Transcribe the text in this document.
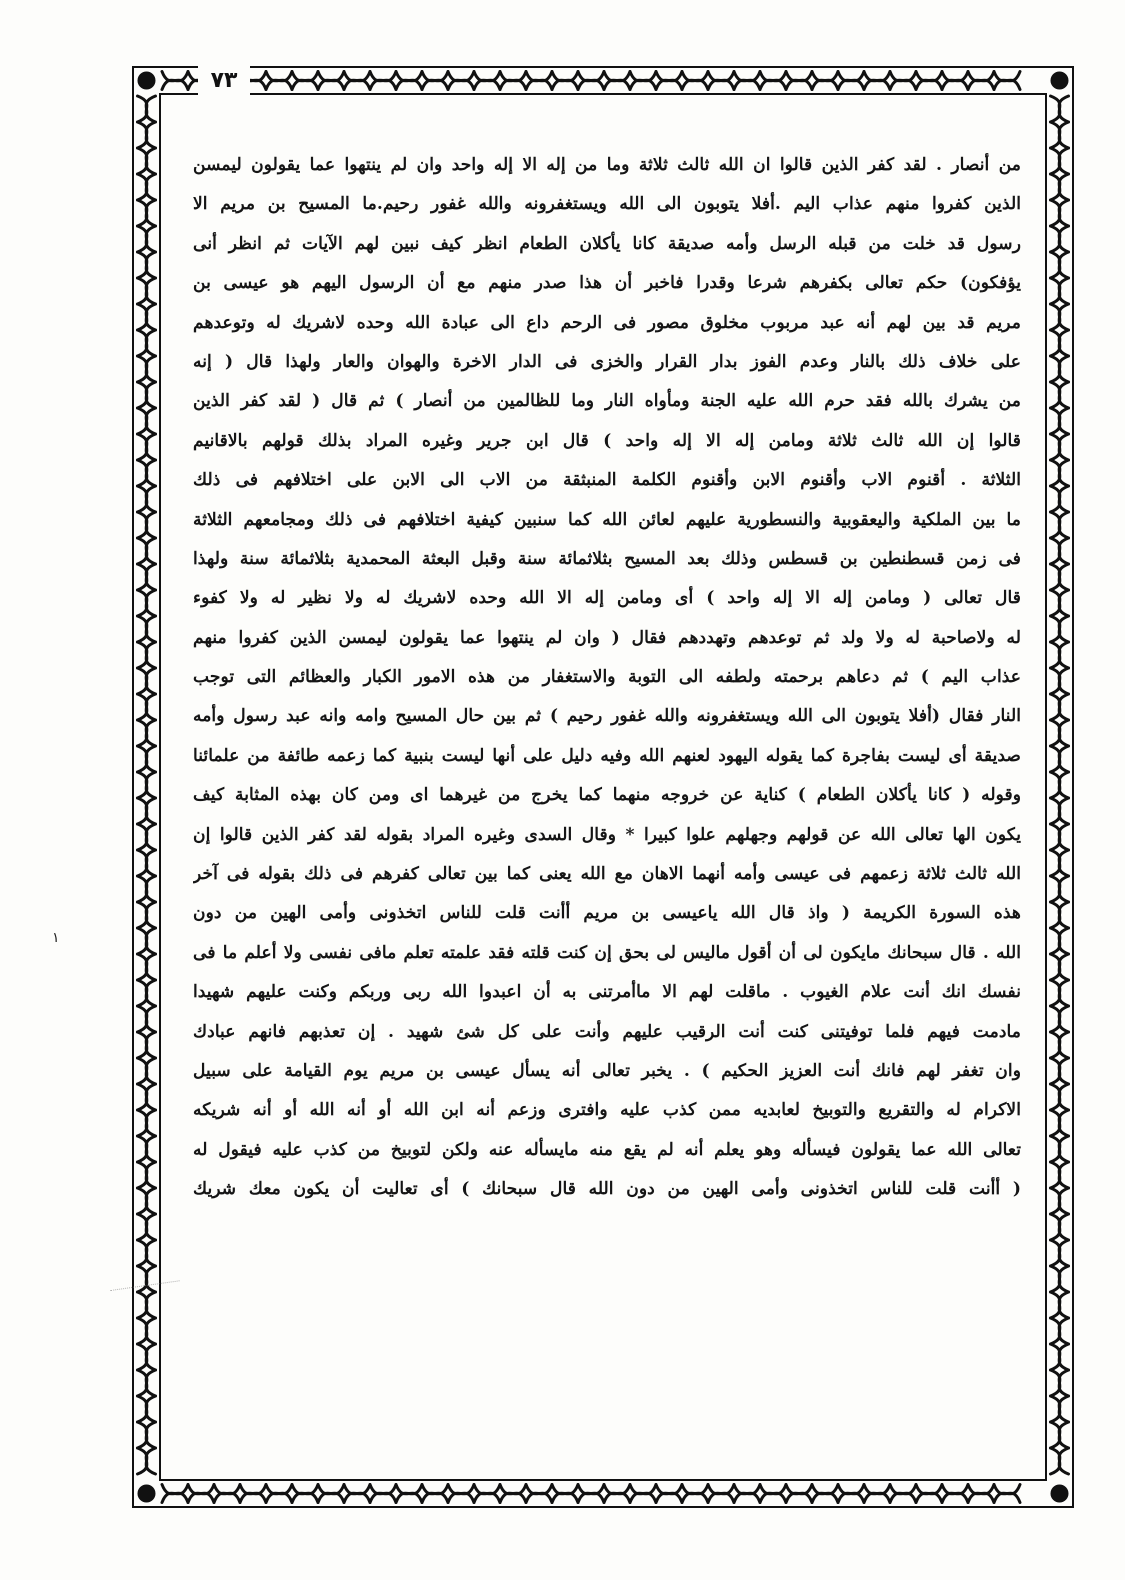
٧٣
من أنصار . لقد كفر الذين قالوا ان الله ثالث ثلاثة وما من إله الا إله واحد وان لم ينتهوا عما يقولون ليمسن
الذين كفروا منهم عذاب اليم .أفلا يتوبون الى الله ويستغفرونه والله غفور رحيم.ما المسيح بن مريم الا
رسول قد خلت من قبله الرسل وأمه صديقة كانا يأكلان الطعام انظر كيف نبين لهم الآيات ثم انظر أنى
يؤفكون) حكم تعالى بكفرهم شرعا وقدرا فاخبر أن هذا صدر منهم مع أن الرسول اليهم هو عيسى بن
مريم قد بين لهم أنه عبد مربوب مخلوق مصور فى الرحم داع الى عبادة الله وحده لاشريك له وتوعدهم
على خلاف ذلك بالنار وعدم الفوز بدار القرار والخزى فى الدار الاخرة والهوان والعار ولهذا قال ( إنه
من يشرك بالله فقد حرم الله عليه الجنة ومأواه النار وما للظالمين من أنصار ) ثم قال ( لقد كفر الذين
قالوا إن الله ثالث ثلاثة ومامن إله الا إله واحد ) قال ابن جرير وغيره المراد بذلك قولهم بالاقانيم
الثلاثة . أقنوم الاب وأقنوم الابن وأقنوم الكلمة المنبثقة من الاب الى الابن على اختلافهم فى ذلك
ما بين الملكية واليعقوبية والنسطورية عليهم لعائن الله كما سنبين كيفية اختلافهم فى ذلك ومجامعهم الثلاثة
فى زمن قسطنطين بن قسطس وذلك بعد المسيح بثلاثمائة سنة وقبل البعثة المحمدية بثلاثمائة سنة ولهذا
قال تعالى ( ومامن إله الا إله واحد ) أى ومامن إله الا الله وحده لاشريك له ولا نظير له ولا كفوء
له ولاصاحبة له ولا ولد ثم توعدهم وتهددهم فقال ( وان لم ينتهوا عما يقولون ليمسن الذين كفروا منهم
عذاب اليم ) ثم دعاهم برحمته ولطفه الى التوبة والاستغفار من هذه الامور الكبار والعظائم التى توجب
النار فقال (أفلا يتوبون الى الله ويستغفرونه والله غفور رحيم ) ثم بين حال المسيح وامه وانه عبد رسول وأمه
صديقة أى ليست بفاجرة كما يقوله اليهود لعنهم الله وفيه دليل على أنها ليست بنبية كما زعمه طائفة من علمائنا
وقوله ( كانا يأكلان الطعام ) كناية عن خروجه منهما كما يخرج من غيرهما اى ومن كان بهذه المثابة كيف
يكون الها تعالى الله عن قولهم وجهلهم علوا كبيرا * وقال السدى وغيره المراد بقوله لقد كفر الذين قالوا إن
الله ثالث ثلاثة زعمهم فى عيسى وأمه أنهما الاهان مع الله يعنى كما بين تعالى كفرهم فى ذلك بقوله فى آخر
هذه السورة الكريمة ( واذ قال الله ياعيسى بن مريم أأنت قلت للناس اتخذونى وأمى الهين من دون
الله . قال سبحانك مايكون لى أن أقول ماليس لى بحق إن كنت قلته فقد علمته تعلم مافى نفسى ولا أعلم ما فى
نفسك انك أنت علام الغيوب . ماقلت لهم الا ماأمرتنى به أن اعبدوا الله ربى وربكم وكنت عليهم شهيدا
مادمت فيهم فلما توفيتنى كنت أنت الرقيب عليهم وأنت على كل شئ شهيد . إن تعذبهم فانهم عبادك
وان تغفر لهم فانك أنت العزيز الحكيم ) . يخبر تعالى أنه يسأل عيسى بن مريم يوم القيامة على سبيل
الاكرام له والتقريع والتوبيخ لعابديه ممن كذب عليه وافترى وزعم أنه ابن الله أو أنه الله أو أنه شريكه
تعالى الله عما يقولون فيسأله وهو يعلم أنه لم يقع منه مايسأله عنه ولكن لتوبيخ من كذب عليه فيقول له
( أأنت قلت للناس اتخذونى وأمى الهين من دون الله قال سبحانك ) أى تعاليت أن يكون معك شريك
١
